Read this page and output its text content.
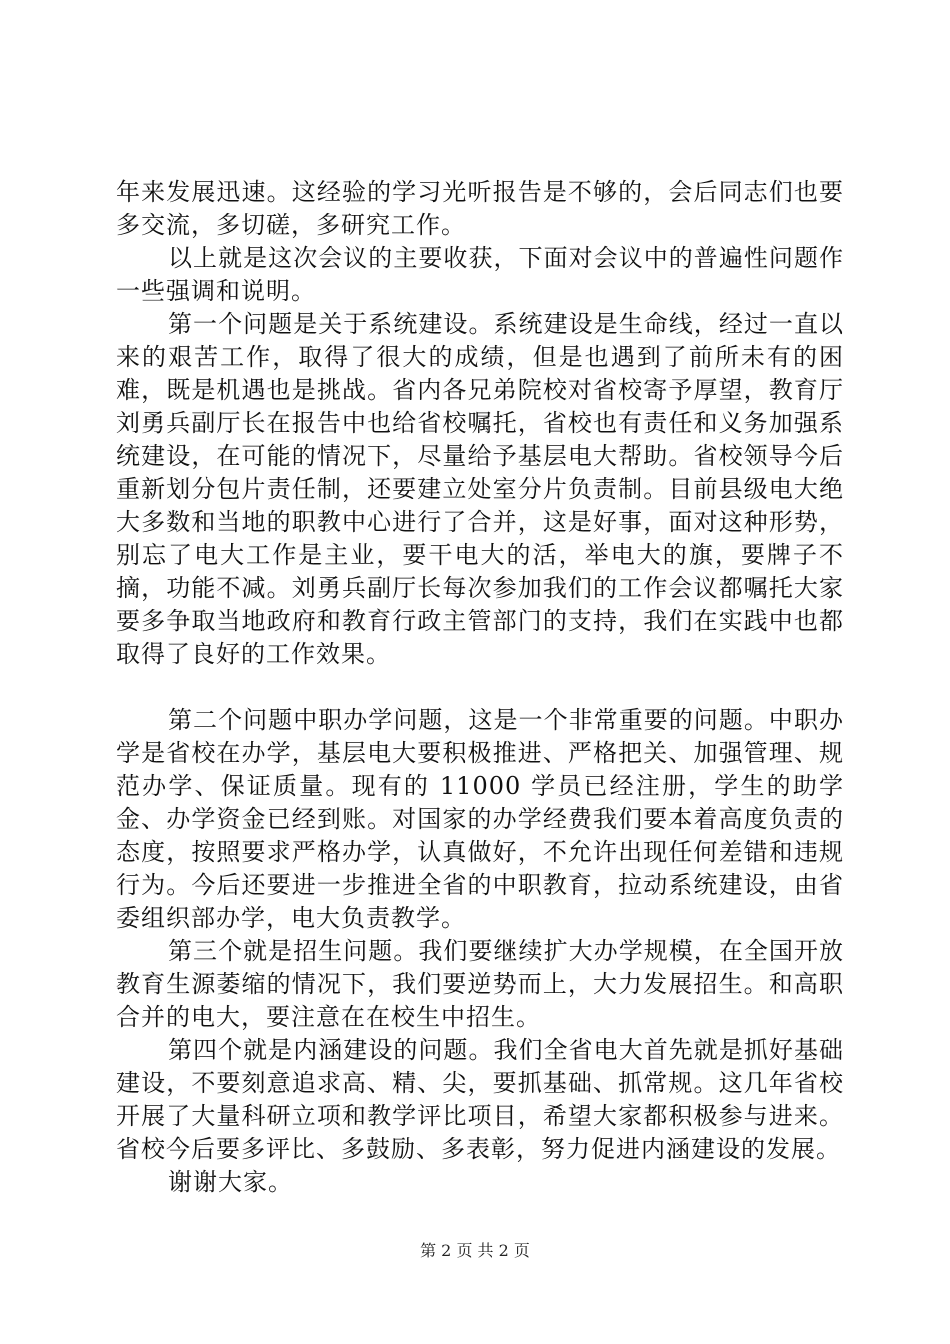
年来发展迅速。这经验的学习光听报告是不够的，会后同志们也要多交流，多切磋，多研究工作。

以上就是这次会议的主要收获，下面对会议中的普遍性问题作一些强调和说明。

第一个问题是关于系统建设。系统建设是生命线，经过一直以来的艰苦工作，取得了很大的成绩，但是也遇到了前所未有的困难，既是机遇也是挑战。省内各兄弟院校对省校寄予厚望，教育厅刘勇兵副厅长在报告中也给省校嘱托，省校也有责任和义务加强系统建设，在可能的情况下，尽量给予基层电大帮助。省校领导今后重新划分包片责任制，还要建立处室分片负责制。目前县级电大绝大多数和当地的职教中心进行了合并，这是好事，面对这种形势，别忘了电大工作是主业，要干电大的活，举电大的旗，要牌子不摘，功能不减。刘勇兵副厅长每次参加我们的工作会议都嘱托大家要多争取当地政府和教育行政主管部门的支持，我们在实践中也都取得了良好的工作效果。

第二个问题中职办学问题，这是一个非常重要的问题。中职办学是省校在办学，基层电大要积极推进、严格把关、加强管理、规范办学、保证质量。现有的 11000 学员已经注册，学生的助学金、办学资金已经到账。对国家的办学经费我们要本着高度负责的态度，按照要求严格办学，认真做好，不允许出现任何差错和违规行为。今后还要进一步推进全省的中职教育，拉动系统建设，由省委组织部办学，电大负责教学。

第三个就是招生问题。我们要继续扩大办学规模，在全国开放教育生源萎缩的情况下，我们要逆势而上，大力发展招生。和高职合并的电大，要注意在在校生中招生。

第四个就是内涵建设的问题。我们全省电大首先就是抓好基础建设，不要刻意追求高、精、尖，要抓基础、抓常规。这几年省校开展了大量科研立项和教学评比项目，希望大家都积极参与进来。省校今后要多评比、多鼓励、多表彰，努力促进内涵建设的发展。

谢谢大家。

第 2 页 共 2 页
